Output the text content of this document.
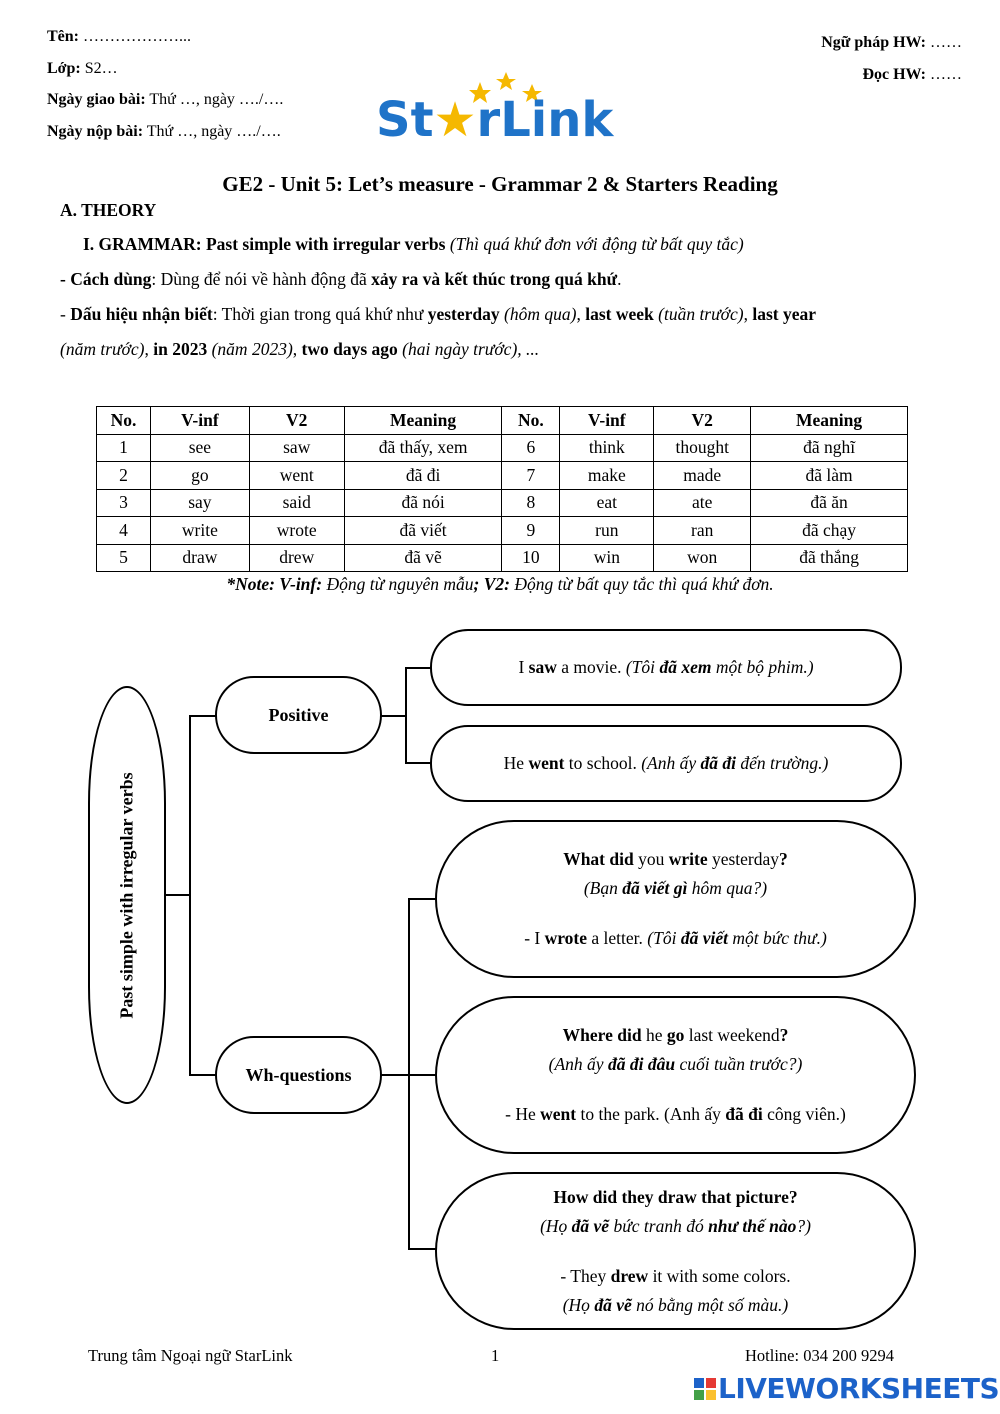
Tên: ………………...
Lớp: S2…
Ngày giao bài: Thứ …, ngày …./….
Ngày nộp bài: Thứ …, ngày …./….
Ngữ pháp HW: ……
Đọc HW: ……
St★rLink
GE2 - Unit 5: Let’s measure - Grammar 2 & Starters Reading
A. THEORY
I. GRAMMAR: Past simple with irregular verbs (Thì quá khứ đơn với động từ bất quy tắc)
- Cách dùng: Dùng để nói về hành động đã xảy ra và kết thúc trong quá khứ.
- Dấu hiệu nhận biết: Thời gian trong quá khứ như yesterday (hôm qua), last week (tuần trước), last year
(năm trước), in 2023 (năm 2023), two days ago (hai ngày trước), ...
No.	V-inf	V2	Meaning	No.	V-inf	V2	Meaning
1	see	saw	đã thấy, xem	6	think	thought	đã nghĩ
2	go	went	đã đi	7	make	made	đã làm
3	say	said	đã nói	8	eat	ate	đã ăn
4	write	wrote	đã viết	9	run	ran	đã chạy
5	draw	drew	đã vẽ	10	win	won	đã thắng
*Note: V-inf: Động từ nguyên mẫu; V2: Động từ bất quy tắc thì quá khứ đơn.
Past simple with irregular verbs
Positive
Wh-questions
I saw a movie. (Tôi đã xem một bộ phim.)
He went to school. (Anh ấy đã đi đến trường.)
What did you write yesterday?
(Bạn đã viết gì hôm qua?)
- I wrote a letter. (Tôi đã viết một bức thư.)
Where did he go last weekend?
(Anh ấy đã đi đâu cuối tuần trước?)
- He went to the park. (Anh ấy đã đi công viên.)
How did they draw that picture?
(Họ đã vẽ bức tranh đó như thế nào?)
- They drew it with some colors.
(Họ đã vẽ nó bằng một số màu.)
Trung tâm Ngoại ngữ StarLink	1	Hotline: 034 200 9294
LIVEWORKSHEETS
